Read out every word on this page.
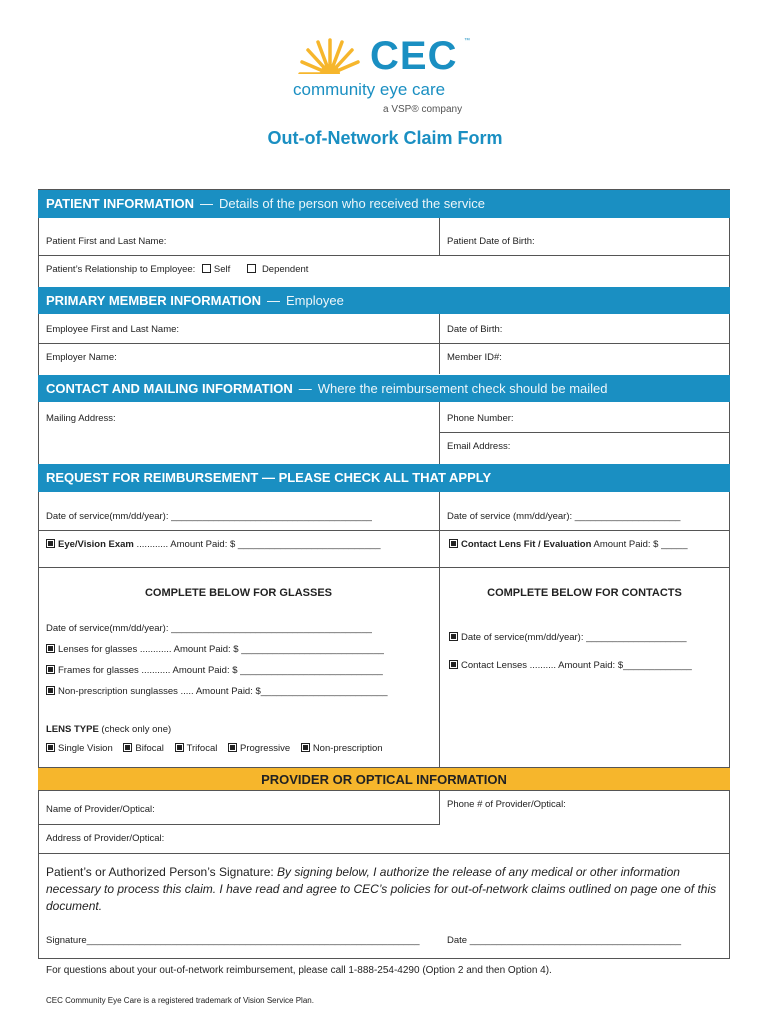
CEC ™
community eye care
a VSP® company
Out-of-Network Claim Form
PATIENT INFORMATION — Details of the person who received the service
Patient First and Last Name:	Patient Date of Birth:
Patient’s Relationship to Employee: Self	Dependent
PRIMARY MEMBER INFORMATION — Employee
Employee First and Last Name:	Date of Birth:
Employer Name:	Member ID#:
CONTACT AND MAILING INFORMATION — Where the reimbursement check should be mailed
Mailing Address:	Phone Number:
Email Address:
REQUEST FOR REIMBURSEMENT — PLEASE CHECK ALL THAT APPLY
Date of service(mm/dd/year): ______________________________________	Date of service (mm/dd/year): ____________________
Eye/Vision Exam ............ Amount Paid: $ ___________________________	Contact Lens Fit / Evaluation Amount Paid: $ _____
COMPLETE BELOW FOR GLASSES	COMPLETE BELOW FOR CONTACTS
Date of service(mm/dd/year): ______________________________________
Lenses for glasses ............ Amount Paid: $ ___________________________
Frames for glasses ........... Amount Paid: $ ___________________________
Non-prescription sunglasses ..... Amount Paid: $________________________
LENS TYPE (check only one)
Single Vision Bifocal Trifocal Progressive Non-prescription
Date of service(mm/dd/year): ___________________
Contact Lenses .......... Amount Paid: $_____________
PROVIDER OR OPTICAL INFORMATION
Name of Provider/Optical:	Phone # of Provider/Optical:
Address of Provider/Optical:
Patient’s or Authorized Person’s Signature: By signing below, I authorize the release of any medical or other information necessary to process this claim. I have read and agree to CEC’s policies for out-of-network claims outlined on page one of this document.
Signature_______________________________________________________________	Date ________________________________________
For questions about your out-of-network reimbursement, please call 1-888-254-4290 (Option 2 and then Option 4).
CEC Community Eye Care is a registered trademark of Vision Service Plan.
